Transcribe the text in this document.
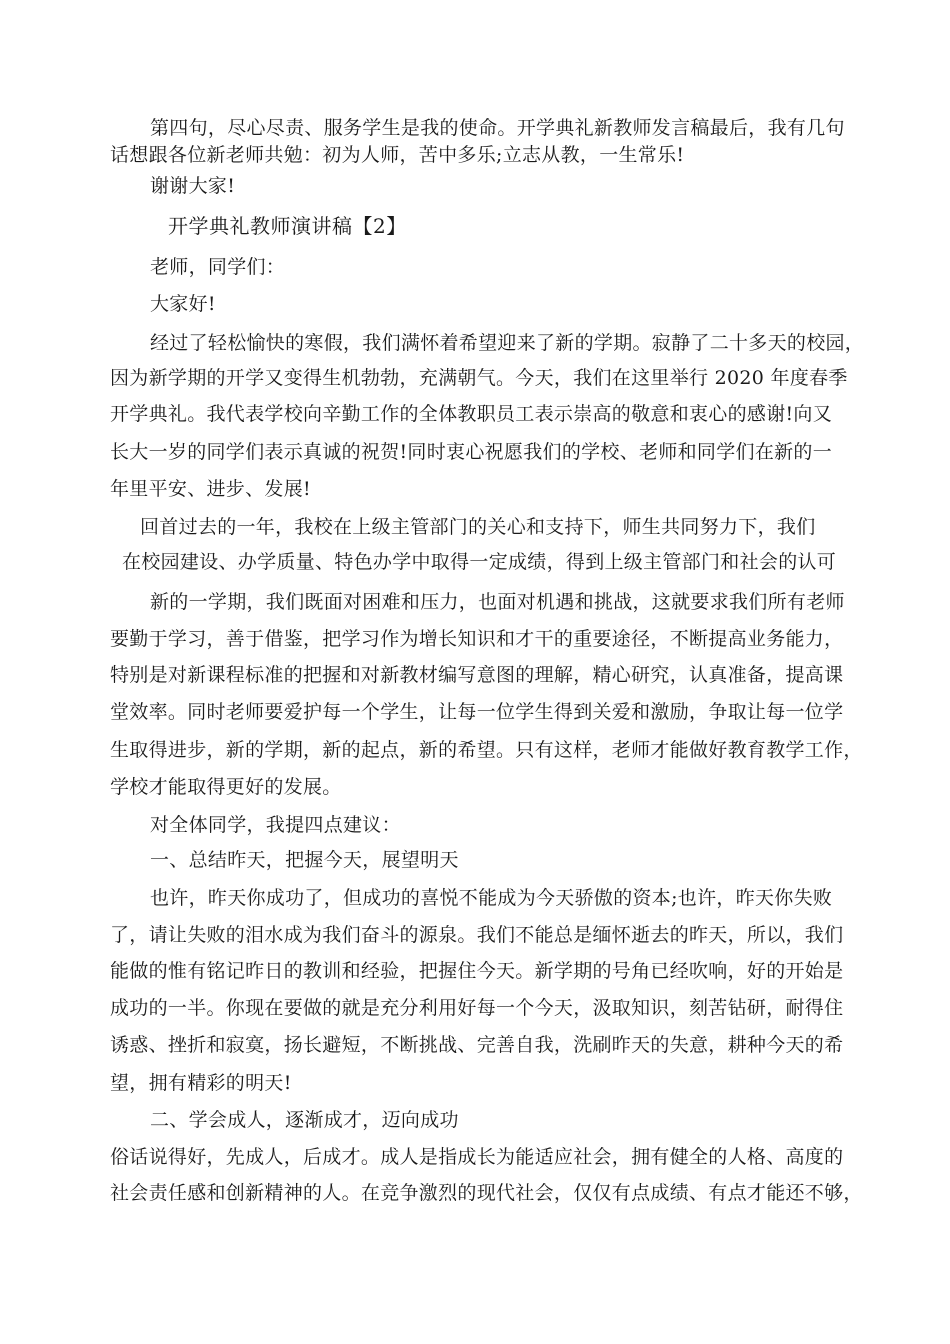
第四句，尽心尽责、服务学生是我的使命。开学典礼新教师发言稿最后，我有几句
话想跟各位新老师共勉：初为人师，苦中多乐;立志从教，一生常乐!
谢谢大家!
开学典礼教师演讲稿【2】
老师，同学们：
大家好!
经过了轻松愉快的寒假，我们满怀着希望迎来了新的学期。寂静了二十多天的校园，
因为新学期的开学又变得生机勃勃，充满朝气。今天，我们在这里举行 2020 年度春季
开学典礼。我代表学校向辛勤工作的全体教职员工表示崇高的敬意和衷心的感谢!向又
长大一岁的同学们表示真诚的祝贺!同时衷心祝愿我们的学校、老师和同学们在新的一
年里平安、进步、发展!
回首过去的一年，我校在上级主管部门的关心和支持下，师生共同努力下，我们
在校园建设、办学质量、特色办学中取得一定成绩，得到上级主管部门和社会的认可
新的一学期，我们既面对困难和压力，也面对机遇和挑战，这就要求我们所有老师
要勤于学习，善于借鉴，把学习作为增长知识和才干的重要途径，不断提高业务能力，
特别是对新课程标准的把握和对新教材编写意图的理解，精心研究，认真准备，提高课
堂效率。同时老师要爱护每一个学生，让每一位学生得到关爱和激励，争取让每一位学
生取得进步，新的学期，新的起点，新的希望。只有这样，老师才能做好教育教学工作，
学校才能取得更好的发展。
对全体同学，我提四点建议：
一、总结昨天，把握今天，展望明天
也许，昨天你成功了，但成功的喜悦不能成为今天骄傲的资本;也许，昨天你失败
了，请让失败的泪水成为我们奋斗的源泉。我们不能总是缅怀逝去的昨天，所以，我们
能做的惟有铭记昨日的教训和经验，把握住今天。新学期的号角已经吹响，好的开始是
成功的一半。你现在要做的就是充分利用好每一个今天，汲取知识，刻苦钻研，耐得住
诱惑、挫折和寂寞，扬长避短，不断挑战、完善自我，洗刷昨天的失意，耕种今天的希
望，拥有精彩的明天!
二、学会成人，逐渐成才，迈向成功
俗话说得好，先成人，后成才。成人是指成长为能适应社会，拥有健全的人格、高度的
社会责任感和创新精神的人。在竞争激烈的现代社会，仅仅有点成绩、有点才能还不够，
